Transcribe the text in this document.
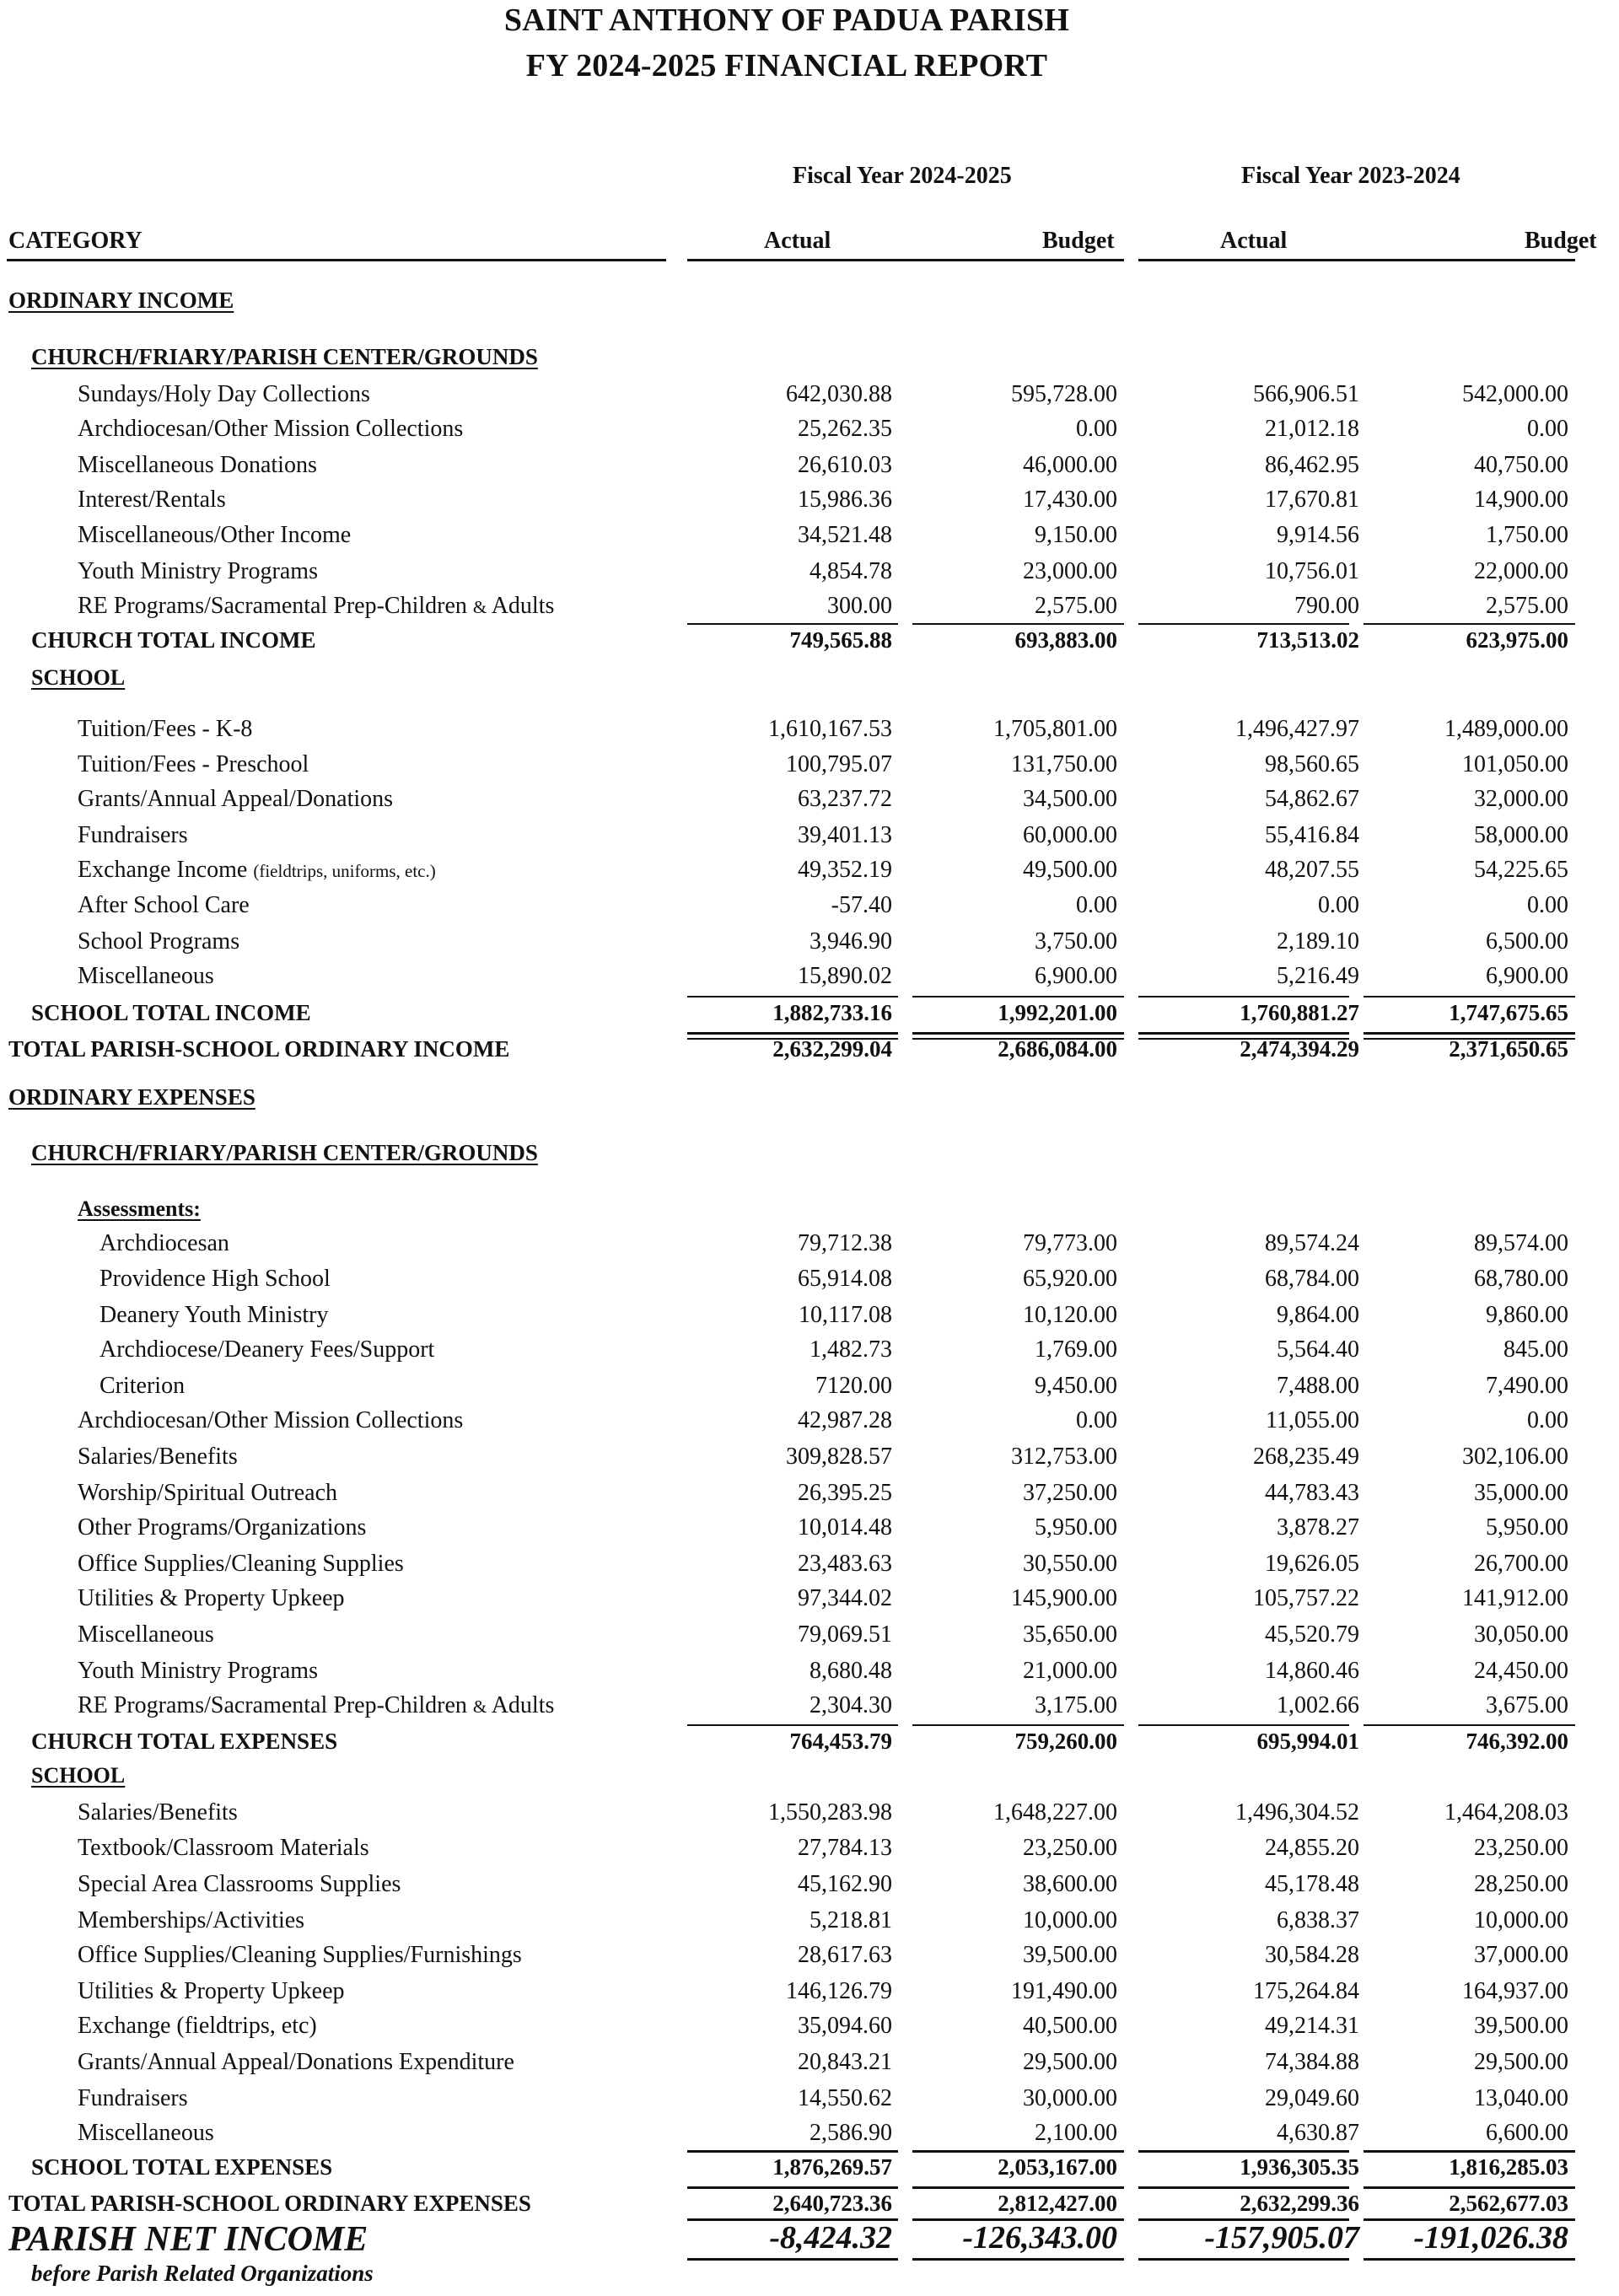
SAINT ANTHONY OF PADUA PARISH
FY 2024-2025 FINANCIAL REPORT
Fiscal Year 2024-2025	Fiscal Year 2023-2024
CATEGORY	Actual	Budget	Actual	Budget
ORDINARY INCOME
CHURCH/FRIARY/PARISH CENTER/GROUNDS
Sundays/Holy Day Collections	642,030.88	595,728.00	566,906.51	542,000.00
Archdiocesan/Other Mission Collections	25,262.35	0.00	21,012.18	0.00
Miscellaneous Donations	26,610.03	46,000.00	86,462.95	40,750.00
Interest/Rentals	15,986.36	17,430.00	17,670.81	14,900.00
Miscellaneous/Other Income	34,521.48	9,150.00	9,914.56	1,750.00
Youth Ministry Programs	4,854.78	23,000.00	10,756.01	22,000.00
RE Programs/Sacramental Prep-Children & Adults	300.00	2,575.00	790.00	2,575.00
CHURCH TOTAL INCOME	749,565.88	693,883.00	713,513.02	623,975.00
SCHOOL
Tuition/Fees - K-8	1,610,167.53	1,705,801.00	1,496,427.97	1,489,000.00
Tuition/Fees - Preschool	100,795.07	131,750.00	98,560.65	101,050.00
Grants/Annual Appeal/Donations	63,237.72	34,500.00	54,862.67	32,000.00
Fundraisers	39,401.13	60,000.00	55,416.84	58,000.00
Exchange Income (fieldtrips, uniforms, etc.)	49,352.19	49,500.00	48,207.55	54,225.65
After School Care	-57.40	0.00	0.00	0.00
School Programs	3,946.90	3,750.00	2,189.10	6,500.00
Miscellaneous	15,890.02	6,900.00	5,216.49	6,900.00
SCHOOL TOTAL INCOME	1,882,733.16	1,992,201.00	1,760,881.27	1,747,675.65
TOTAL PARISH-SCHOOL ORDINARY INCOME	2,632,299.04	2,686,084.00	2,474,394.29	2,371,650.65
ORDINARY EXPENSES
CHURCH/FRIARY/PARISH CENTER/GROUNDS
Assessments:
Archdiocesan	79,712.38	79,773.00	89,574.24	89,574.00
Providence High School	65,914.08	65,920.00	68,784.00	68,780.00
Deanery Youth Ministry	10,117.08	10,120.00	9,864.00	9,860.00
Archdiocese/Deanery Fees/Support	1,482.73	1,769.00	5,564.40	845.00
Criterion	7120.00	9,450.00	7,488.00	7,490.00
Archdiocesan/Other Mission Collections	42,987.28	0.00	11,055.00	0.00
Salaries/Benefits	309,828.57	312,753.00	268,235.49	302,106.00
Worship/Spiritual Outreach	26,395.25	37,250.00	44,783.43	35,000.00
Other Programs/Organizations	10,014.48	5,950.00	3,878.27	5,950.00
Office Supplies/Cleaning Supplies	23,483.63	30,550.00	19,626.05	26,700.00
Utilities & Property Upkeep	97,344.02	145,900.00	105,757.22	141,912.00
Miscellaneous	79,069.51	35,650.00	45,520.79	30,050.00
Youth Ministry Programs	8,680.48	21,000.00	14,860.46	24,450.00
RE Programs/Sacramental Prep-Children & Adults	2,304.30	3,175.00	1,002.66	3,675.00
CHURCH TOTAL EXPENSES	764,453.79	759,260.00	695,994.01	746,392.00
SCHOOL
Salaries/Benefits	1,550,283.98	1,648,227.00	1,496,304.52	1,464,208.03
Textbook/Classroom Materials	27,784.13	23,250.00	24,855.20	23,250.00
Special Area Classrooms Supplies	45,162.90	38,600.00	45,178.48	28,250.00
Memberships/Activities	5,218.81	10,000.00	6,838.37	10,000.00
Office Supplies/Cleaning Supplies/Furnishings	28,617.63	39,500.00	30,584.28	37,000.00
Utilities & Property Upkeep	146,126.79	191,490.00	175,264.84	164,937.00
Exchange (fieldtrips, etc)	35,094.60	40,500.00	49,214.31	39,500.00
Grants/Annual Appeal/Donations Expenditure	20,843.21	29,500.00	74,384.88	29,500.00
Fundraisers	14,550.62	30,000.00	29,049.60	13,040.00
Miscellaneous	2,586.90	2,100.00	4,630.87	6,600.00
SCHOOL TOTAL EXPENSES	1,876,269.57	2,053,167.00	1,936,305.35	1,816,285.03
TOTAL PARISH-SCHOOL ORDINARY EXPENSES	2,640,723.36	2,812,427.00	2,632,299.36	2,562,677.03
PARISH NET INCOME	-8,424.32	-126,343.00	-157,905.07	-191,026.38
before Parish Related Organizations
